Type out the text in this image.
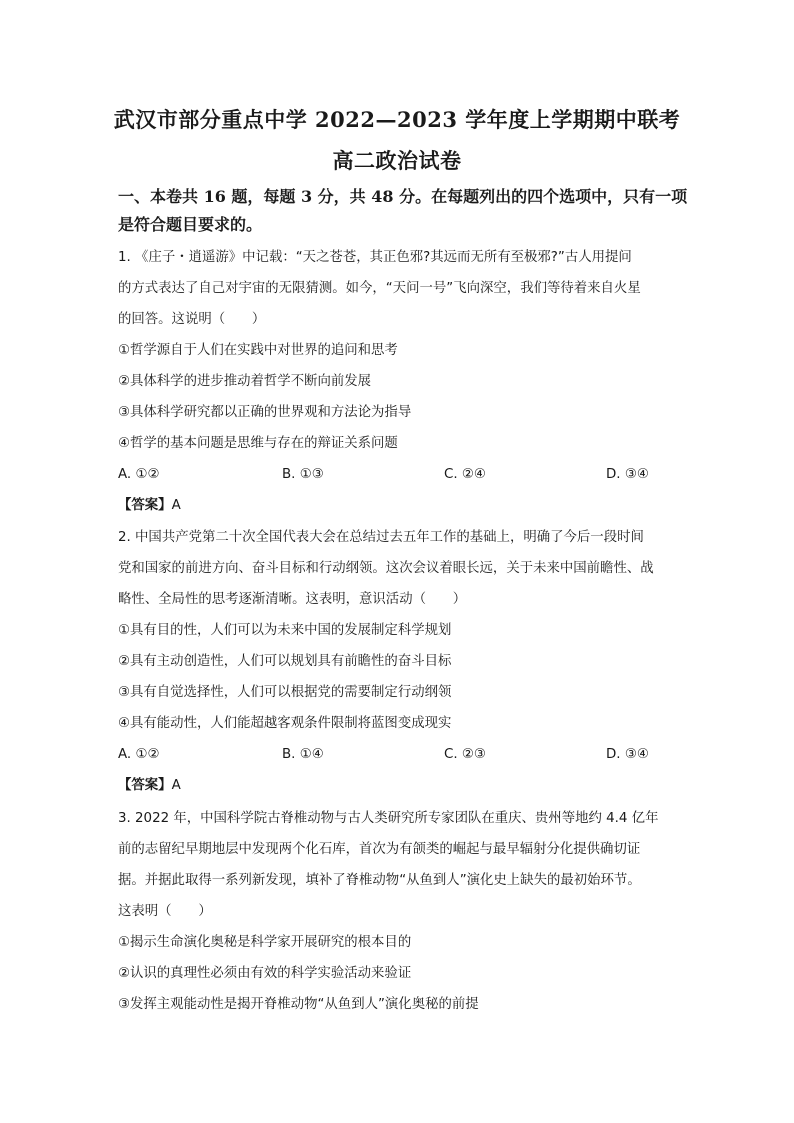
武汉市部分重点中学 2022—2023 学年度上学期期中联考
高二政治试卷
一、本卷共 16 题，每题 3 分，共 48 分。在每题列出的四个选项中，只有一项是符合题目要求的。
1. 《庄子・逍遥游》中记载：“天之苍苍，其正色邪?其远而无所有至极邪?”古人用提问
的方式表达了自己对宇宙的无限猜测。如今，“天问一号”飞向深空，我们等待着来自火星
的回答。这说明（　　）
①哲学源自于人们在实践中对世界的追问和思考
②具体科学的进步推动着哲学不断向前发展
③具体科学研究都以正确的世界观和方法论为指导
④哲学的基本问题是思维与存在的辩证关系问题
A. ①②	B. ①③	C. ②④	D. ③④
【答案】A
2. 中国共产党第二十次全国代表大会在总结过去五年工作的基础上，明确了今后一段时间
党和国家的前进方向、奋斗目标和行动纲领。这次会议着眼长远，关于未来中国前瞻性、战
略性、全局性的思考逐渐清晰。这表明，意识活动（　　）
①具有目的性，人们可以为未来中国的发展制定科学规划
②具有主动创造性，人们可以规划具有前瞻性的奋斗目标
③具有自觉选择性，人们可以根据党的需要制定行动纲领
④具有能动性，人们能超越客观条件限制将蓝图变成现实
A. ①②	B. ①④	C. ②③	D. ③④
【答案】A
3. 2022 年，中国科学院古脊椎动物与古人类研究所专家团队在重庆、贵州等地约 4.4 亿年
前的志留纪早期地层中发现两个化石库，首次为有颌类的崛起与最早辐射分化提供确切证
据。并据此取得一系列新发现，填补了脊椎动物“从鱼到人”演化史上缺失的最初始环节。
这表明（　　）
①揭示生命演化奥秘是科学家开展研究的根本目的
②认识的真理性必须由有效的科学实验活动来验证
③发挥主观能动性是揭开脊椎动物“从鱼到人”演化奥秘的前提
